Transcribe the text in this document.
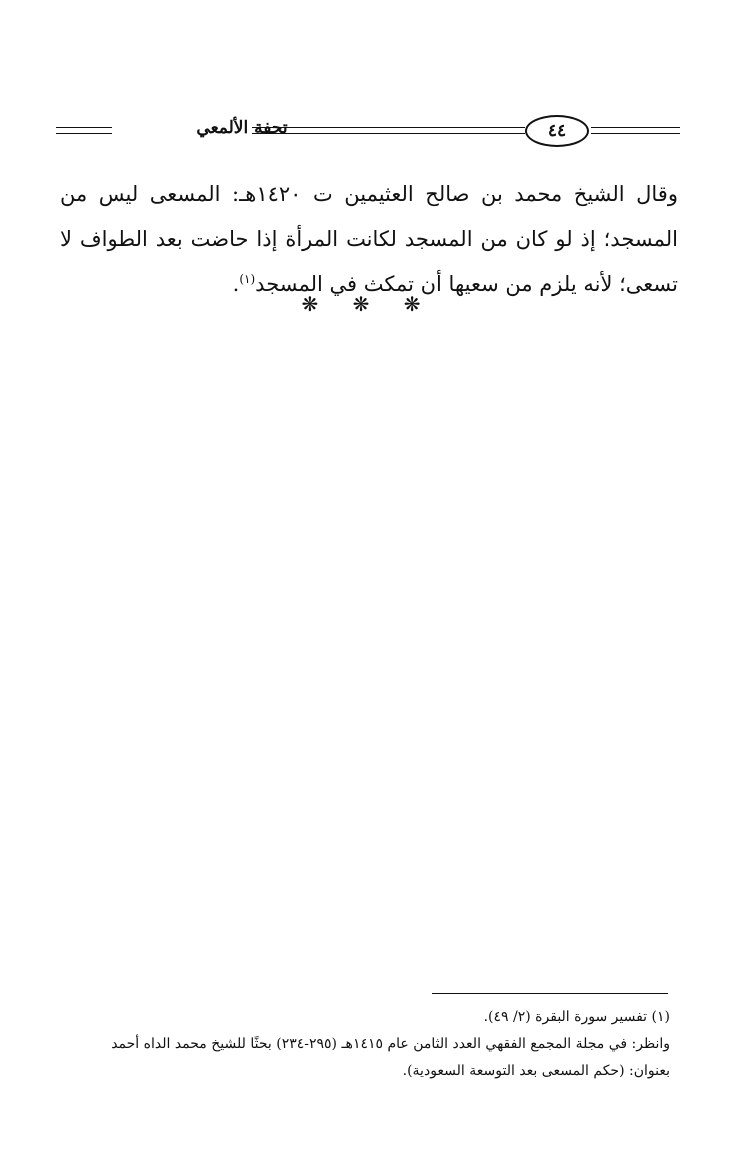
تحفة الألمعي	٤٤
وقال الشيخ محمد بن صالح العثيمين ت ١٤٢٠هـ: المسعى ليس من المسجد؛ إذ لو كان من المسجد لكانت المرأة إذا حاضت بعد الطواف لا تسعى؛ لأنه يلزم من سعيها أن تمكث في المسجد$^{(١)}$.
❋ ❋ ❋
(١) تفسير سورة البقرة (٢/ ٤٩).
وانظر: في مجلة المجمع الفقهي العدد الثامن عام ١٤١٥هـ (٢٩٥-٢٣٤) بحثًا للشيخ محمد الداه أحمد
بعنوان: (حكم المسعى بعد التوسعة السعودية).
